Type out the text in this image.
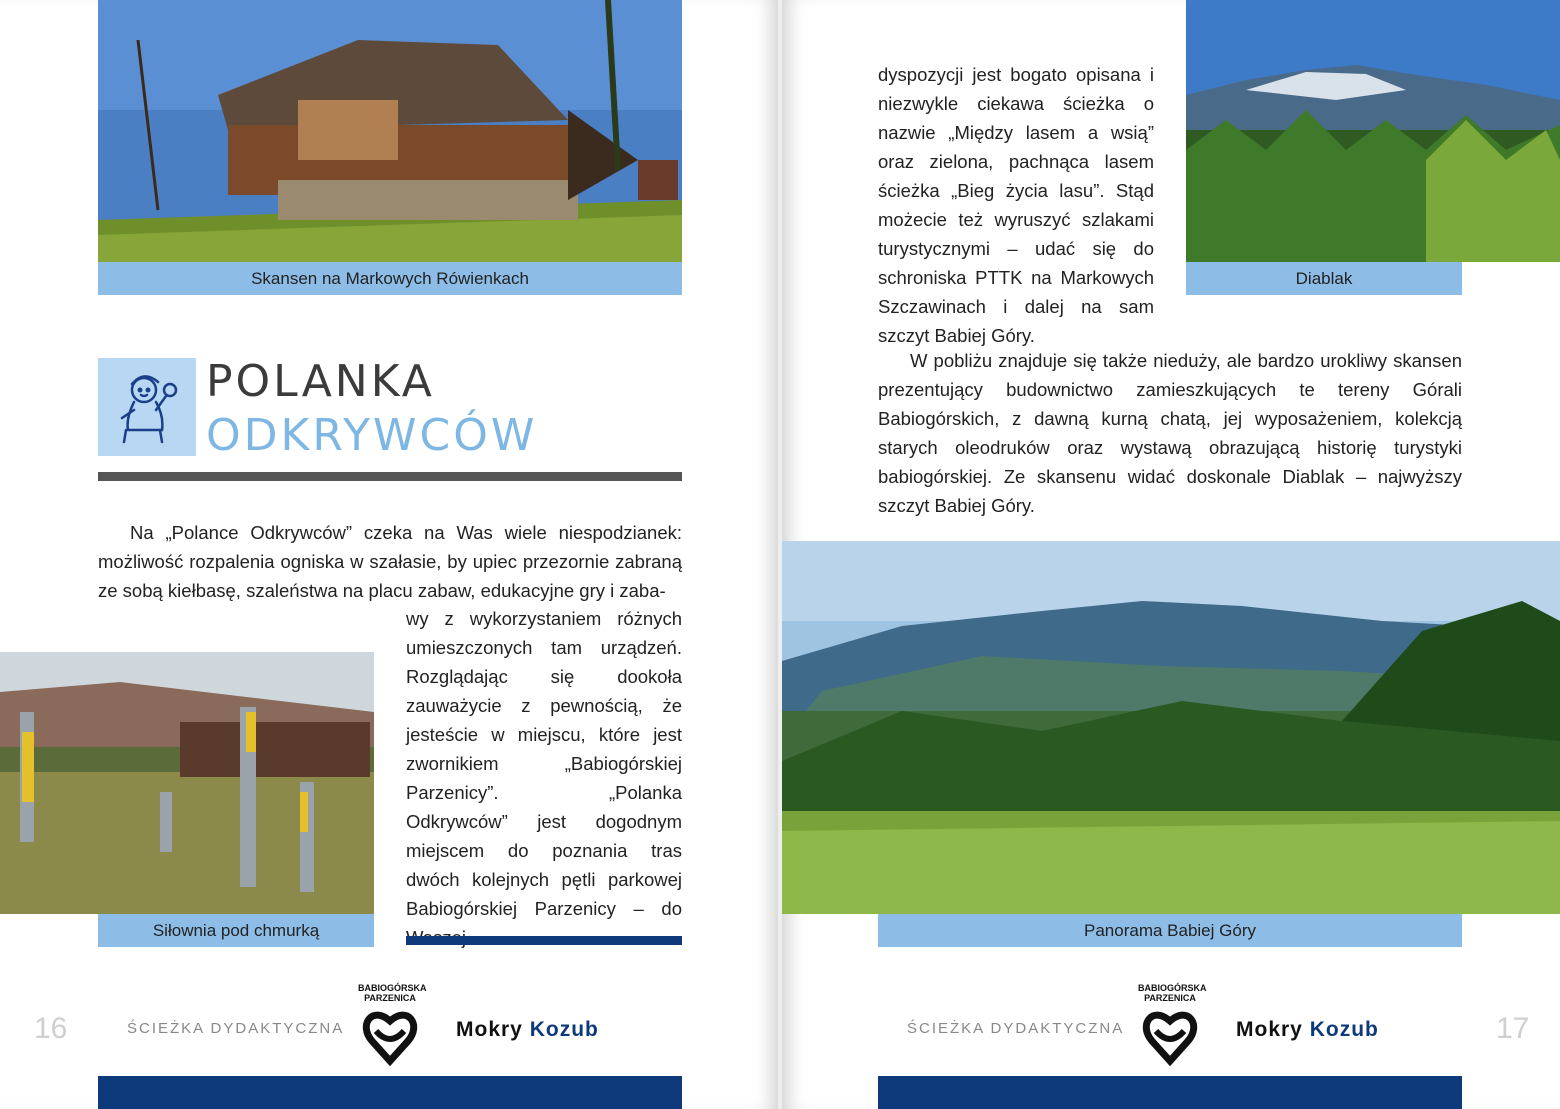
Skansen na Markowych Rówienkach
POLANKA
ODKRYWCÓW

Na „Polance Odkrywców” czeka na Was wiele niespodzianek: możliwość rozpalenia ogniska w szałasie, by upiec przezornie zabraną ze sobą kiełbasę, szaleństwa na placu zabaw, edukacyjne gry i zaba-

wy z wykorzystaniem różnych umieszczonych tam urządzeń. Rozglądając się dookoła zauważycie z pewnością, że jesteście w miejscu, które jest zwornikiem „Babiogórskiej Parzenicy”. „Polanka Odkrywców” jest dogodnym miejscem do poznania tras dwóch kolejnych pętli parkowej Babiogórskiej Parzenicy – do

Siłownia pod chmurką
16	ŚCIEŻKA DYDAKTYCZNA
BABIOGÓRSKA
PARZENICA
Mokry Kozub

dyspozycji jest bogato opisana i niezwykle ciekawa ścieżka o nazwie „Między lasem a wsią” oraz zielona, pachnąca lasem ścieżka „Bieg życia lasu”. Stąd możecie też wyruszyć szlakami turystycznymi – udać się do schroniska PTTK na Markowych Szczawinach i dalej na sam szczyt Babiej Góry.

Diablak

W pobliżu znajduje się także nieduży, ale bardzo urokliwy skansen prezentujący budownictwo zamieszkujących te tereny Górali Babiogórskich, z dawną kurną chatą, jej wyposażeniem, kolekcją starych oleodruków oraz wystawą obrazującą historię turystyki babiogórskiej. Ze skansenu widać doskonale Diablak – najwyższy szczyt Babiej Góry.

Panorama Babiej Góry
ŚCIEŻKA DYDAKTYCZNA
BABIOGÓRSKA
PARZENICA
Mokry Kozub	17
